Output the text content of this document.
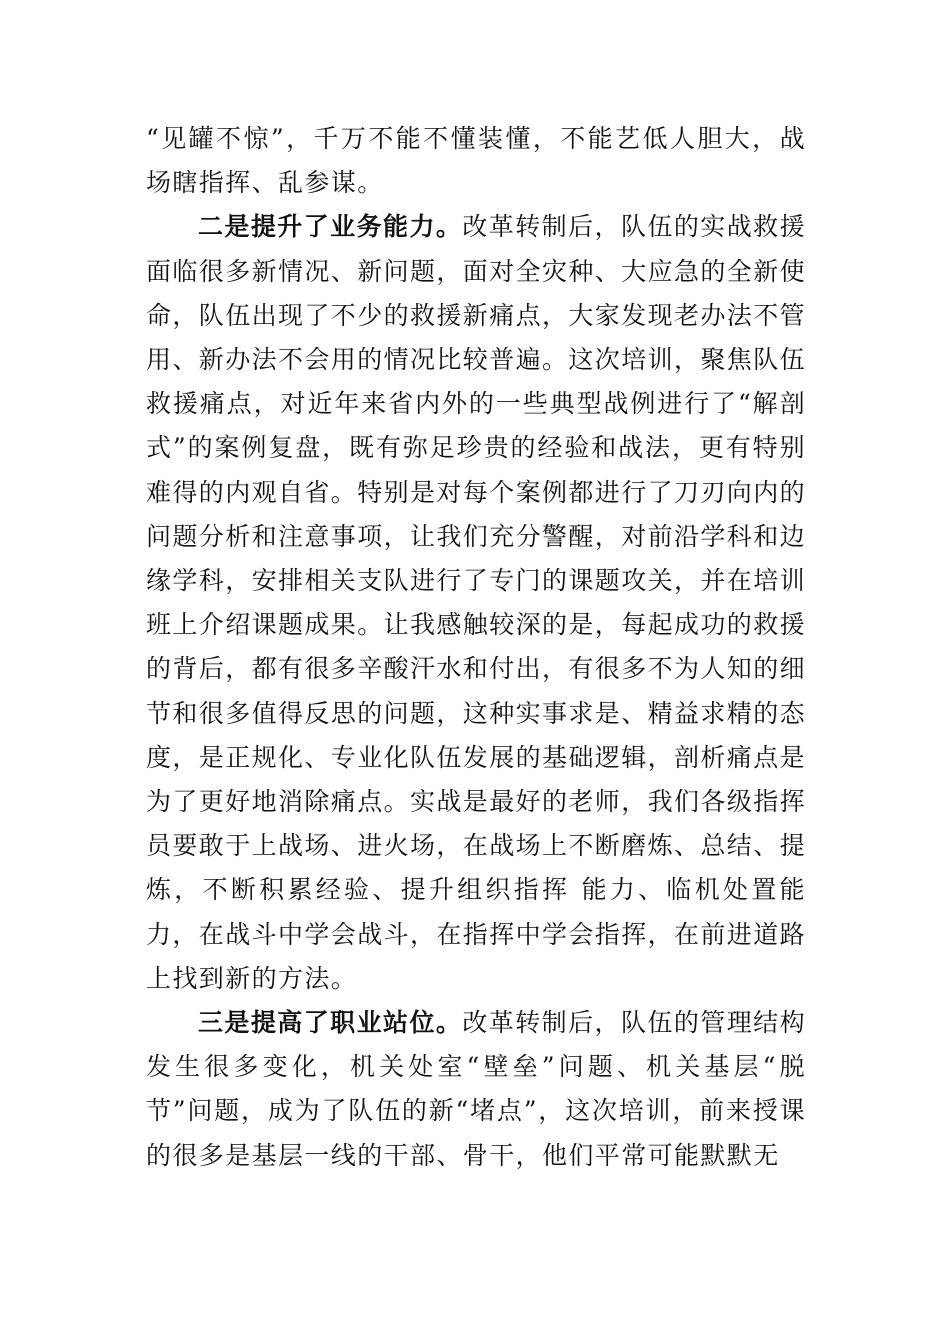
“见罐不惊”，千万不能不懂装懂，不能艺低人胆大，战场瞎指挥、乱参谋。

二是提升了业务能力。改革转制后，队伍的实战救援面临很多新情况、新问题，面对全灾种、大应急的全新使命，队伍出现了不少的救援新痛点，大家发现老办法不管用、新办法不会用的情况比较普遍。这次培训，聚焦队伍救援痛点，对近年来省内外的一些典型战例进行了“解剖式”的案例复盘，既有弥足珍贵的经验和战法，更有特别难得的内观自省。特别是对每个案例都进行了刀刃向内的问题分析和注意事项，让我们充分警醒，对前沿学科和边缘学科，安排相关支队进行了专门的课题攻关，并在培训班上介绍课题成果。让我感触较深的是，每起成功的救援的背后，都有很多辛酸汗水和付出，有很多不为人知的细节和很多值得反思的问题，这种实事求是、精益求精的态度，是正规化、专业化队伍发展的基础逻辑，剖析痛点是为了更好地消除痛点。实战是最好的老师，我们各级指挥员要敢于上战场、进火场，在战场上不断磨炼、总结、提炼，不断积累经验、提升组织指挥 能力、临机处置能力，在战斗中学会战斗，在指挥中学会指挥，在前进道路上找到新的方法。

三是提高了职业站位。改革转制后，队伍的管理结构发生很多变化，机关处室“壁垒”问题、机关基层“脱节”问题，成为了队伍的新“堵点”，这次培训，前来授课的很多是基层一线的干部、骨干，他们平常可能默默无
